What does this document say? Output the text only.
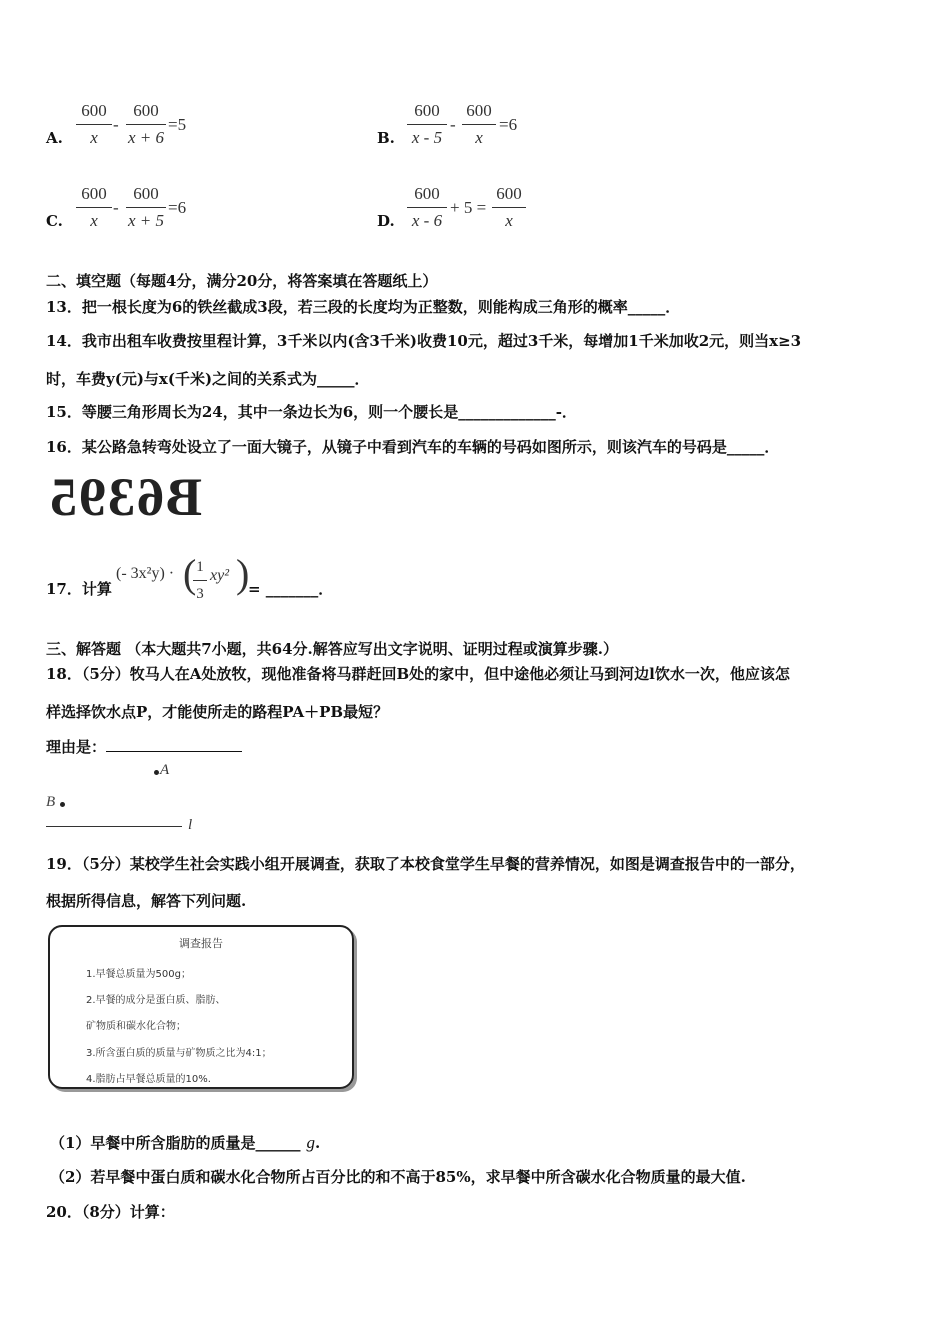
A.
600
x
-
600
x + 6
=5
B.
600
x - 5
-
600
x
=6
C.
600
x
-
600
x + 5
=6
D.
600
x - 6
+ 5 =
600
x
二、填空题（每题4分，满分20分，将答案填在答题纸上）
13．把一根长度为6的铁丝截成3段，若三段的长度均为正整数，则能构成三角形的概率_____．
14．我市出租车收费按里程计算，3千米以内(含3千米)收费10元，超过3千米，每增加1千米加收2元，则当x≥3
时，车费y(元)与x(千米)之间的关系式为_____．
15．等腰三角形周长为24，其中一条边长为6，则一个腰长是_____________-．
16．某公路急转弯处设立了一面大镜子，从镜子中看到汽车的车辆的号码如图所示，则该汽车的号码是_____．
B6395
17．计算
(- 3x²y) · ( 1
3
xy² )
= _______．
三、解答题 （本大题共7小题，共64分.解答应写出文字说明、证明过程或演算步骤.）
18．（5分）牧马人在A处放牧，现他准备将马群赶回B处的家中，但中途他必须让马到河边l饮水一次，他应该怎
样选择饮水点P，才能使所走的路程PA＋PB最短？
理由是：
A
B
l
19．（5分）某校学生社会实践小组开展调查，获取了本校食堂学生早餐的营养情况，如图是调查报告中的一部分，
根据所得信息，解答下列问题.
调查报告
1.早餐总质量为500g；
2.早餐的成分是蛋白质、脂肪、
矿物质和碳水化合物；
3.所含蛋白质的质量与矿物质之比为4:1；
4.脂肪占早餐总质量的10%.
（1）早餐中所含脂肪的质量是______ g.
（2）若早餐中蛋白质和碳水化合物所占百分比的和不高于85%，求早餐中所含碳水化合物质量的最大值.
20．（8分）计算：
